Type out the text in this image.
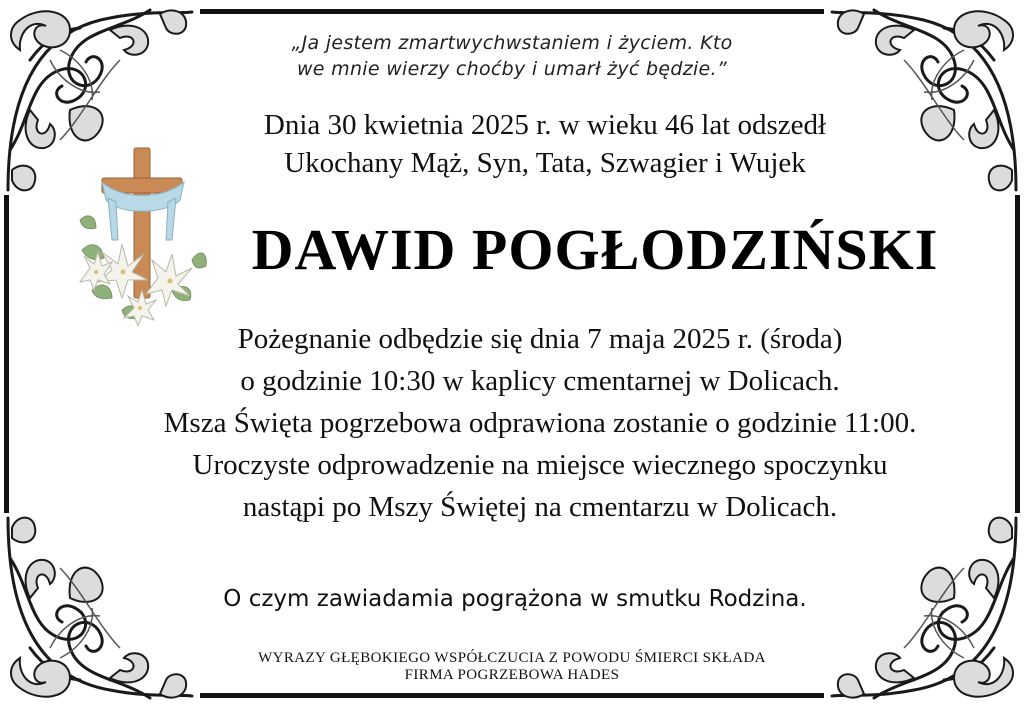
„Ja jestem zmartwychwstaniem i życiem. Kto
we mnie wierzy choćby i umarł żyć będzie.”
Dnia 30 kwietnia 2025 r. w wieku 46 lat odszedł
Ukochany Mąż, Syn, Tata, Szwagier i Wujek
DAWID POGŁODZIŃSKI
Pożegnanie odbędzie się dnia 7 maja 2025 r. (środa)
o godzinie 10:30 w kaplicy cmentarnej w Dolicach.
Msza Święta pogrzebowa odprawiona zostanie o godzinie 11:00.
Uroczyste odprowadzenie na miejsce wiecznego spoczynku
nastąpi po Mszy Świętej na cmentarzu w Dolicach.
O czym zawiadamia pogrążona w smutku Rodzina.
WYRAZY GŁĘBOKIEGO WSPÓŁCZUCIA Z POWODU ŚMIERCI SKŁADA
FIRMA POGRZEBOWA HADES
